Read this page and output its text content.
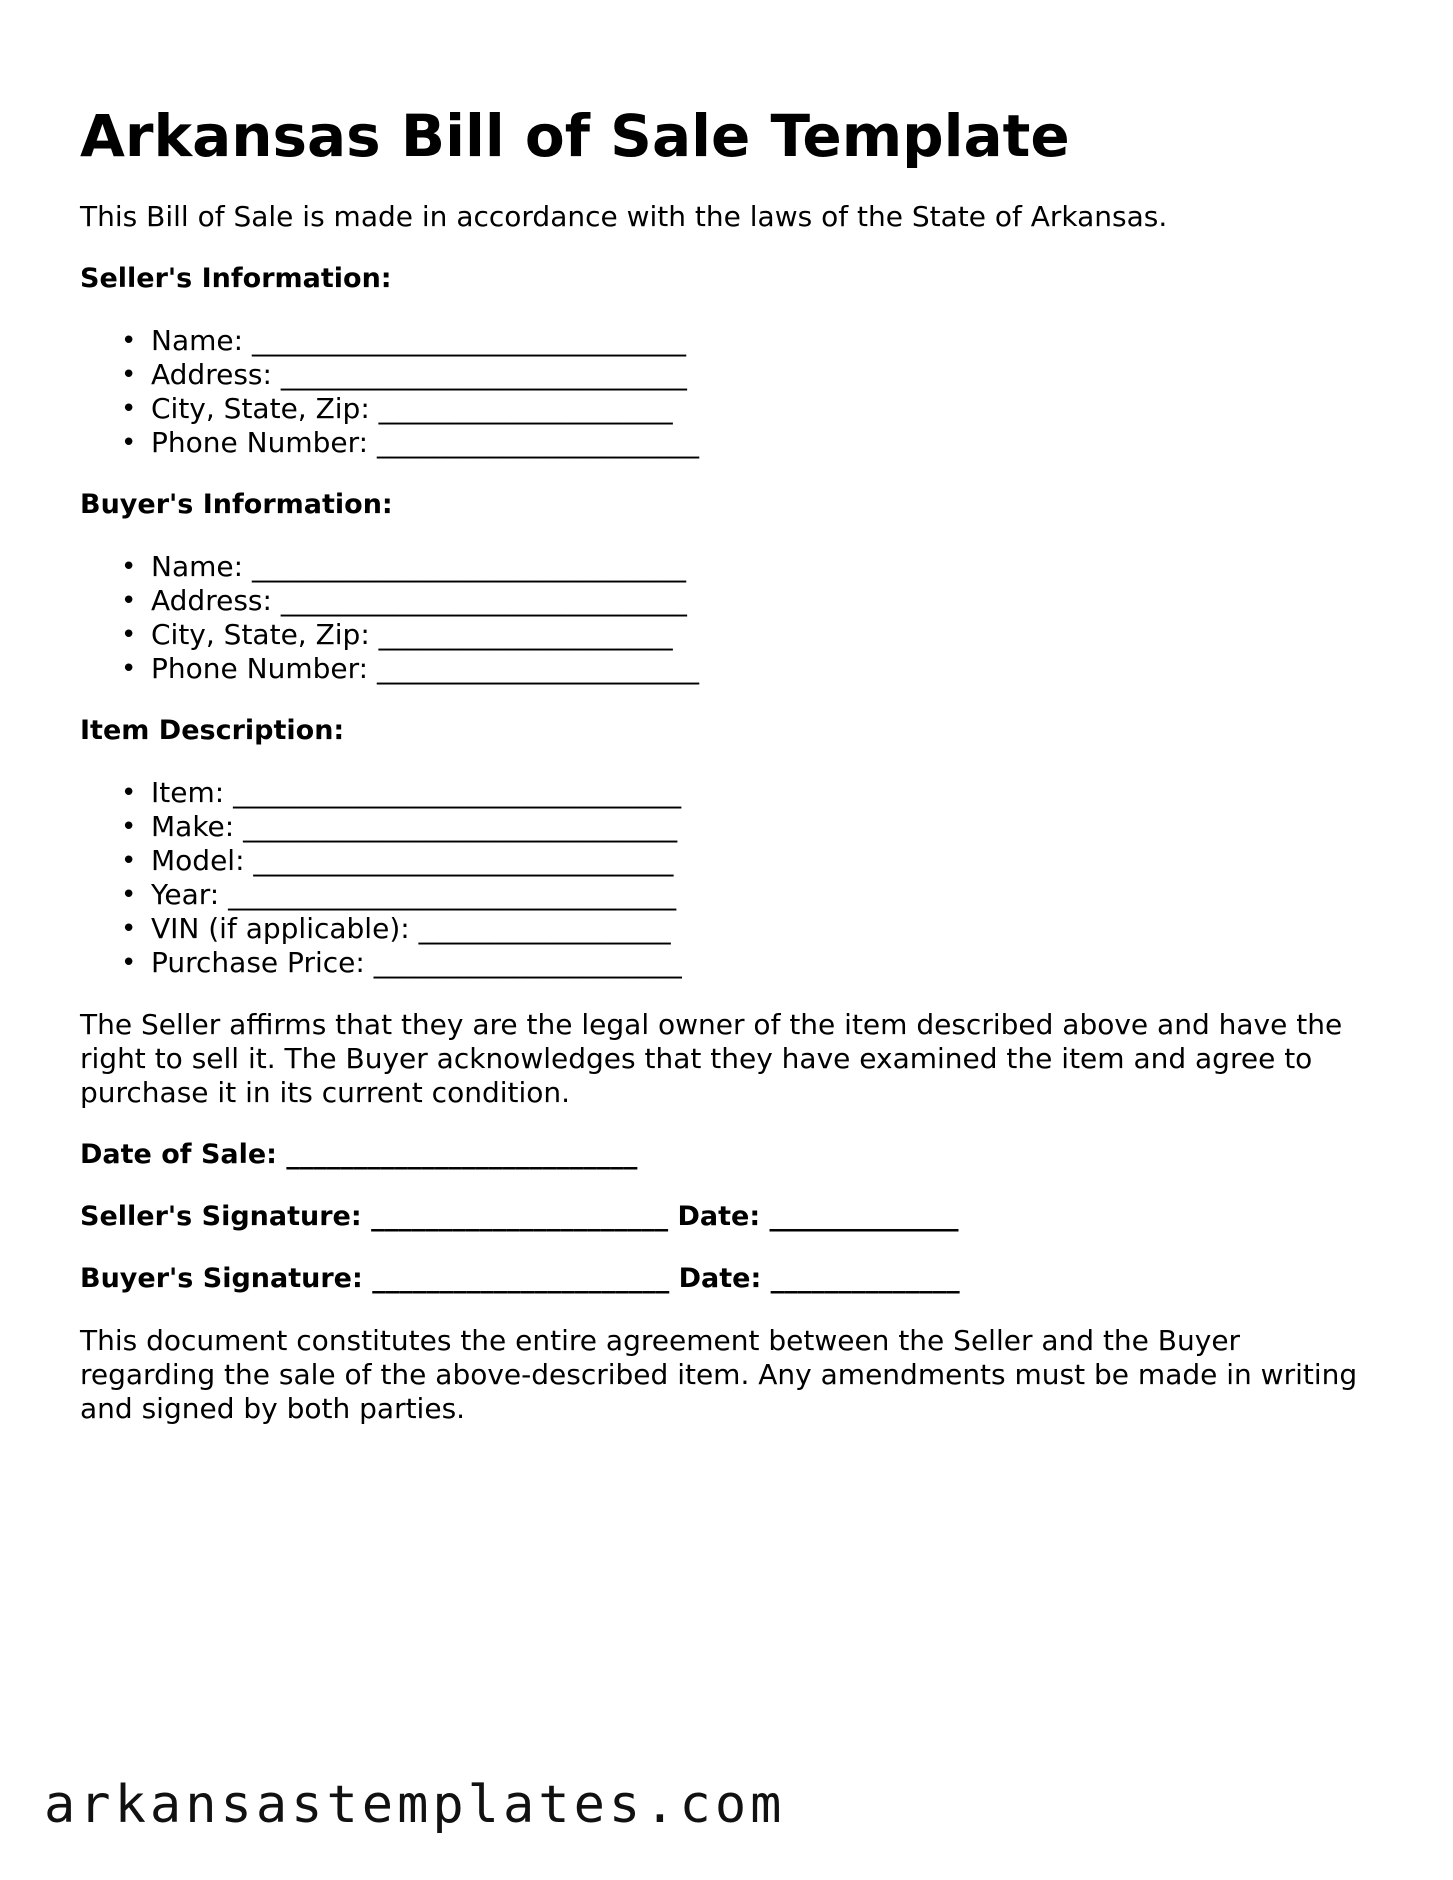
Arkansas Bill of Sale Template

This Bill of Sale is made in accordance with the laws of the State of Arkansas.

Seller's Information:
• Name: _______________________________
• Address: _____________________________
• City, State, Zip: _____________________
• Phone Number: _______________________
Buyer's Information:
• Name: _______________________________
• Address: _____________________________
• City, State, Zip: _____________________
• Phone Number: _______________________
Item Description:
• Item: ________________________________
• Make: _______________________________
• Model: ______________________________
• Year: ________________________________
• VIN (if applicable): __________________
• Purchase Price: ______________________

The Seller affirms that they are the legal owner of the item described above and have the right to sell it. The Buyer acknowledges that they have examined the item and agree to purchase it in its current condition.

Date of Sale: __________________________
Seller's Signature: ______________________ Date: ______________
Buyer's Signature: ______________________ Date: ______________

This document constitutes the entire agreement between the Seller and the Buyer regarding the sale of the above-described item. Any amendments must be made in writing and signed by both parties.

arkansastemplates.com
